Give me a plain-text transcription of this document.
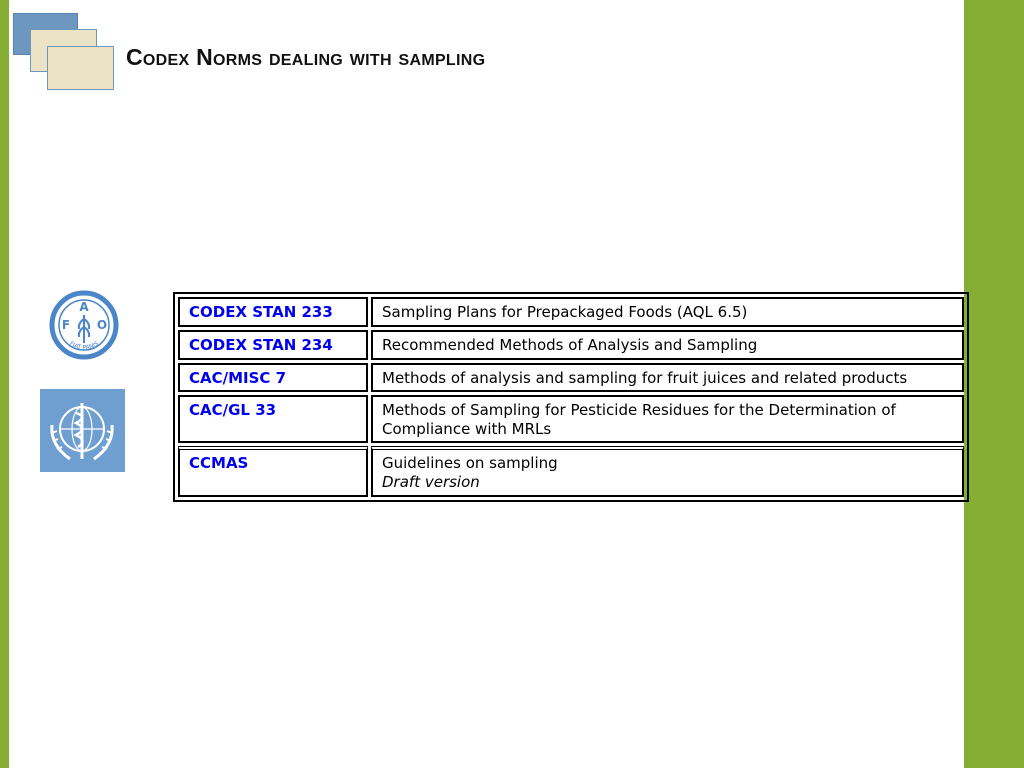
Codex Norms dealing with sampling
A
F O
FIAT PANIS
CODEX STAN 233	Sampling Plans for Prepackaged Foods (AQL 6.5)
CODEX STAN 234	Recommended Methods of Analysis and Sampling
CAC/MISC 7	Methods of analysis and sampling for fruit juices and related products
CAC/GL 33	Methods of Sampling for Pesticide Residues for the Determination of Compliance with MRLs
CCMAS	Guidelines on sampling
Draft version
